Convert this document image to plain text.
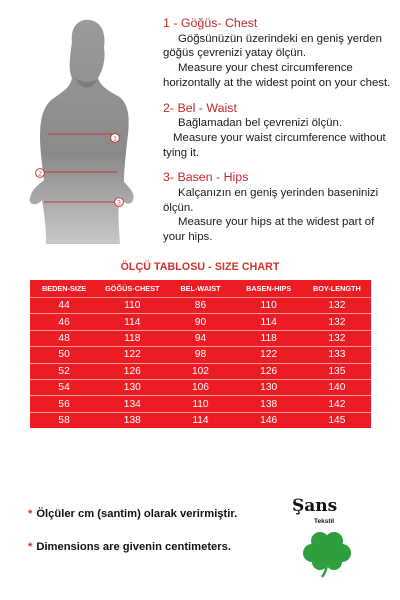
1
2
3
1 - Göğüs- Chest

Göğsünüzün üzerindeki en geniş yerden

göğüs çevrenizi yatay ölçün.

Measure your chest circumference

horizontally at the widest point on your chest.

2- Bel - Waist

Bağlamadan bel çevrenizi ölçün.

Measure your waist circumference without

tying it.

3- Basen - Hips

Kalçanızın en geniş yerinden baseninizi

ölçün.

Measure your hips at the widest part of

your hips.

ÖLÇÜ TABLOSU - SIZE CHART
BEDEN-SIZE	GÖĞÜS-CHEST	BEL-WAIST	BASEN-HIPS	BOY-LENGTH
44	110	86	110	132
46	114	90	114	132
48	118	94	118	132
50	122	98	122	133
52	126	102	126	135
54	130	106	130	140
56	134	110	138	142
58	138	114	146	145
* Ölçüler cm (santim) olarak verirmiştir.
* Dimensions are givenin centimeters.
Şans
Tekstil
